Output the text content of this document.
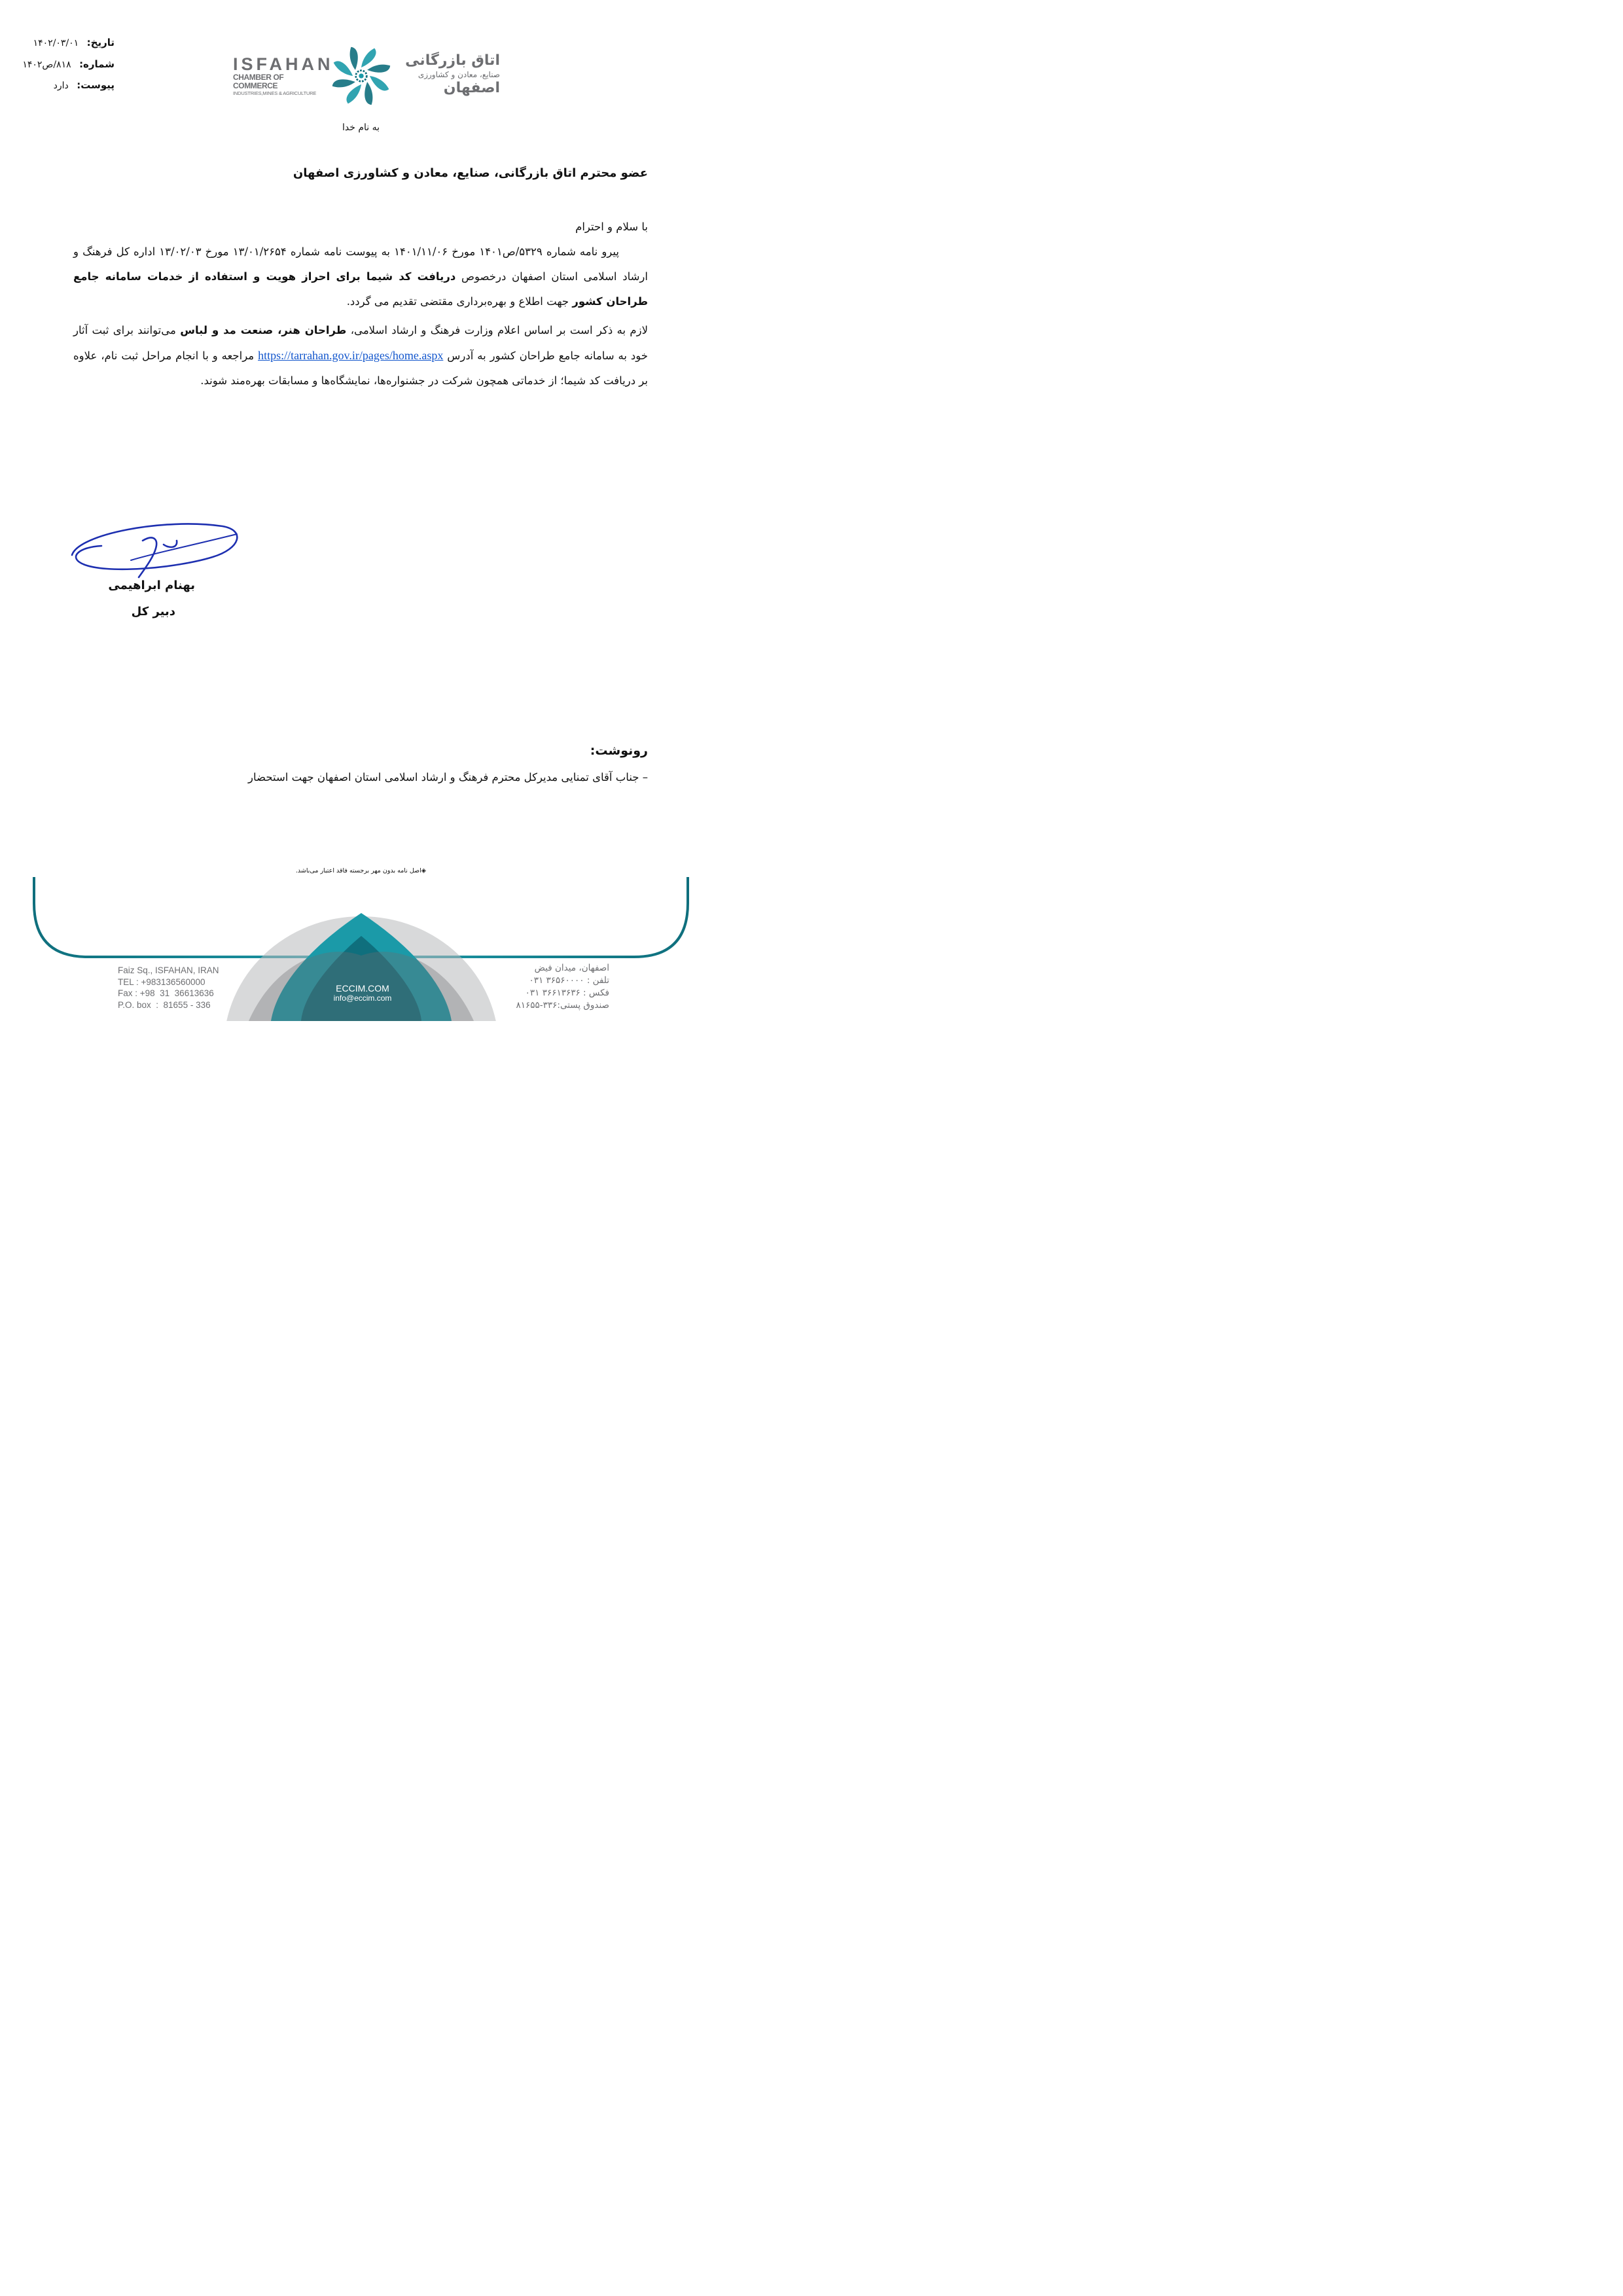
تاریخ: ۱۴۰۲/۰۳/۰۱
شماره: ۸۱۸/ص۱۴۰۲
پیوست: دارد
ISFAHAN
CHAMBER OF COMMERCE
INDUSTRIES,MINES & AGRICULTURE
اتاق بازرگانی
صنایع، معادن و کشاورزی
اصفهان
به نام خدا
عضو محترم اتاق بازرگانی، صنایع، معادن و کشاورزی اصفهان

با سلام و احترام

پیرو نامه شماره ۵۳۲۹/ص۱۴۰۱ مورخ ۱۴۰۱/۱۱/۰۶ به پیوست نامه شماره ۱۳/۰۱/۲۶۵۴ مورخ ۱۳/۰۲/۰۳ اداره کل فرهنگ و ارشاد اسلامی استان اصفهان درخصوص دریافت کد شیما برای احراز هویت و استفاده از خدمات سامانه جامع طراحان کشور جهت اطلاع و بهره‌برداری مقتضی تقدیم می گردد.

لازم به ذکر است بر اساس اعلام وزارت فرهنگ و ارشاد اسلامی، طراحان هنر، صنعت مد و لباس می‌توانند برای ثبت آثار خود به سامانه جامع طراحان کشور به آدرس https://tarrahan.gov.ir/pages/home.aspx مراجعه و با انجام مراحل ثبت نام، علاوه بر دریافت کد شیما؛ از خدماتی همچون شرکت در جشنواره‌ها، نمایشگاه‌ها و مسابقات بهره‌مند شوند.

بهنام ابراهیمی
دبیر کل
رونوشت:
– جناب آقای تمنایی مدیرکل محترم فرهنگ و ارشاد اسلامی استان اصفهان جهت استحضار
◈اصل نامه بدون مهر برجسته فاقد اعتبار می‌باشد.
Faiz Sq., ISFAHAN, IRAN
TEL : +983136560000
Fax : +98  31  36613636
P.O. box  :  81655 - 336
ECCIM.COM
info@eccim.com
اصفهان، میدان فیض
تلفن : ۳۶۵۶۰۰۰۰ ۰۳۱
فکس : ۳۶۶۱۳۶۳۶ ۰۳۱
صندوق پستی:۳۳۶-۸۱۶۵۵
